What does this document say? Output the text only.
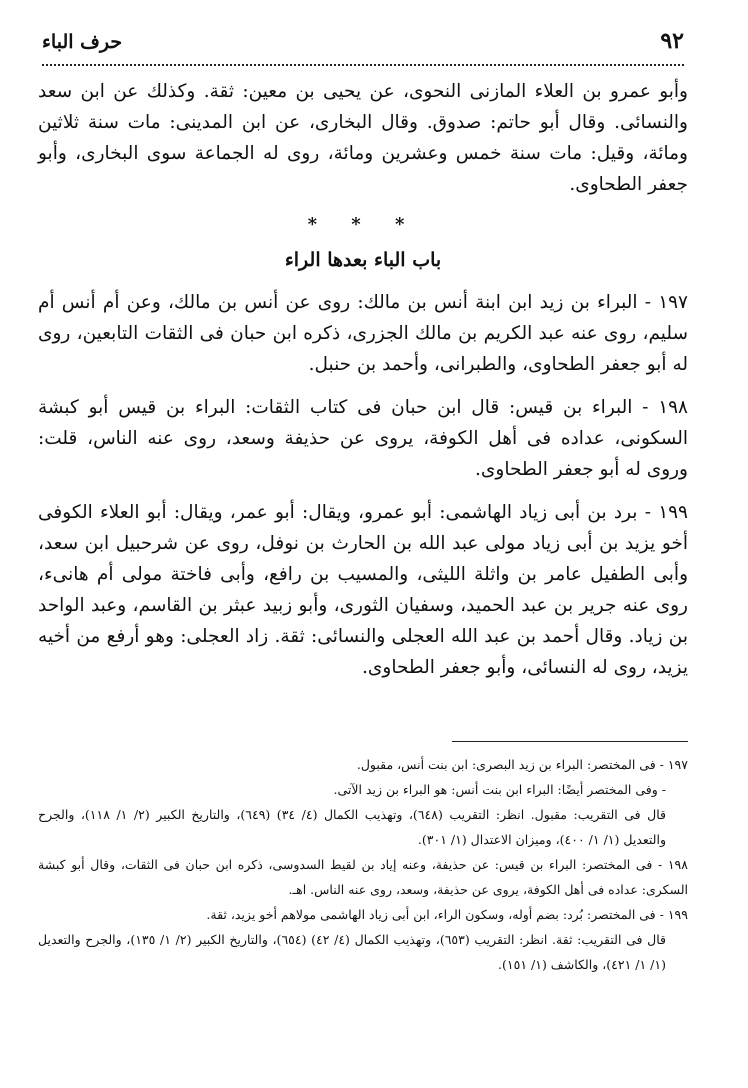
٩٢
حرف الباء

وأبو عمرو بن العلاء المازنى النحوى، عن يحيى بن معين: ثقة. وكذلك عن ابن سعد والنسائى. وقال أبو حاتم: صدوق. وقال البخارى، عن ابن المدينى: مات سنة ثلاثين ومائة، وقيل: مات سنة خمس وعشرين ومائة، روى له الجماعة سوى البخارى، وأبو جعفر الطحاوى.

* * *
باب الباء بعدها الراء

١٩٧ - البراء بن زيد ابن ابنة أنس بن مالك: روى عن أنس بن مالك، وعن أم أنس أم سليم، روى عنه عبد الكريم بن مالك الجزرى، ذكره ابن حبان فى الثقات التابعين، روى له أبو جعفر الطحاوى، والطبرانى، وأحمد بن حنبل.

١٩٨ - البراء بن قيس: قال ابن حبان فى كتاب الثقات: البراء بن قيس أبو كبشة السكونى، عداده فى أهل الكوفة، يروى عن حذيفة وسعد، روى عنه الناس، قلت: وروى له أبو جعفر الطحاوى.

١٩٩ - برد بن أبى زياد الهاشمى: أبو عمرو، ويقال: أبو عمر، ويقال: أبو العلاء الكوفى أخو يزيد بن أبى زياد مولى عبد الله بن الحارث بن نوفل، روى عن شرحبيل ابن سعد، وأبى الطفيل عامر بن واثلة الليثى، والمسيب بن رافع، وأبى فاختة مولى أم هانىء، روى عنه جرير بن عبد الحميد، وسفيان الثورى، وأبو زبيد عبثر بن القاسم، وعبد الواحد بن زياد. وقال أحمد بن عبد الله العجلى والنسائى: ثقة. زاد العجلى: وهو أرفع من أخيه يزيد، روى له النسائى، وأبو جعفر الطحاوى.

١٩٧ - فى المختصر: البراء بن زيد البصرى: ابن بنت أنس، مقبول.

- وفى المختصر أيضًا: البراء ابن بنت أنس: هو البراء بن زيد الآتى.

قال فى التقريب: مقبول. انظر: التقريب (٦٤٨)، وتهذيب الكمال (٤/ ٣٤) (٦٤٩)، والتاريخ الكبير (٢/ ١/ ١١٨)، والجرح والتعديل (١/ ١/ ٤٠٠)، وميزان الاعتدال (١/ ٣٠١).

١٩٨ - فى المختصر: البراء بن قيس: عن حذيفة، وعنه إياد بن لقيط السدوسى، ذكره ابن حبان فى الثقات، وقال أبو كبشة السكرى: عداده فى أهل الكوفة، يروى عن حذيفة، وسعد، روى عنه الناس. اهـ.

١٩٩ - فى المختصر: بُرد: بضم أوله، وسكون الراء، ابن أبى زياد الهاشمى مولاهم أخو يزيد، ثقة.

قال فى التقريب: ثقة. انظر: التقريب (٦٥٣)، وتهذيب الكمال (٤/ ٤٢) (٦٥٤)، والتاريخ الكبير (٢/ ١/ ١٣٥)، والجرح والتعديل (١/ ١/ ٤٢١)، والكاشف (١/ ١٥١).
